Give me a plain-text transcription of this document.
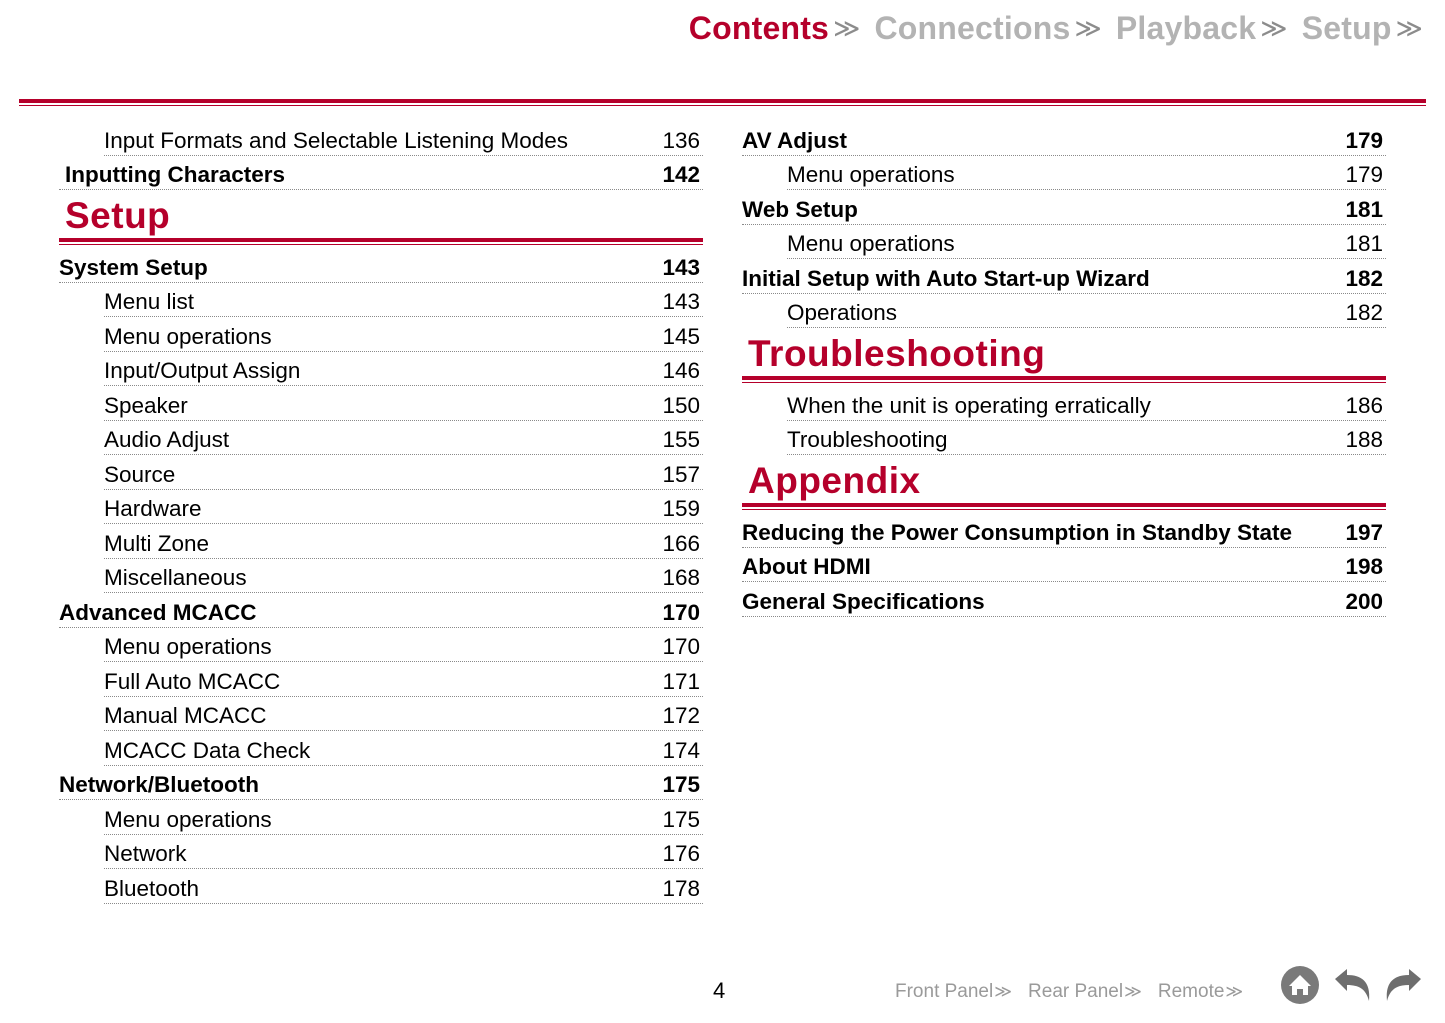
Contents ≫ Connections ≫ Playback ≫ Setup ≫
Input Formats and Selectable Listening Modes	136
Inputting Characters	142
Setup
System Setup	143
Menu list	143
Menu operations	145
Input/Output Assign	146
Speaker	150
Audio Adjust	155
Source	157
Hardware	159
Multi Zone	166
Miscellaneous	168
Advanced MCACC	170
Menu operations	170
Full Auto MCACC	171
Manual MCACC	172
MCACC Data Check	174
Network/Bluetooth	175
Menu operations	175
Network	176
Bluetooth	178
AV Adjust	179
Menu operations	179
Web Setup	181
Menu operations	181
Initial Setup with Auto Start-up Wizard	182
Operations	182
Troubleshooting
When the unit is operating erratically	186
Troubleshooting	188
Appendix
Reducing the Power Consumption in Standby State 197
About HDMI	198
General Specifications	200
4	Front Panel ≫ Rear Panel ≫ Remote ≫
